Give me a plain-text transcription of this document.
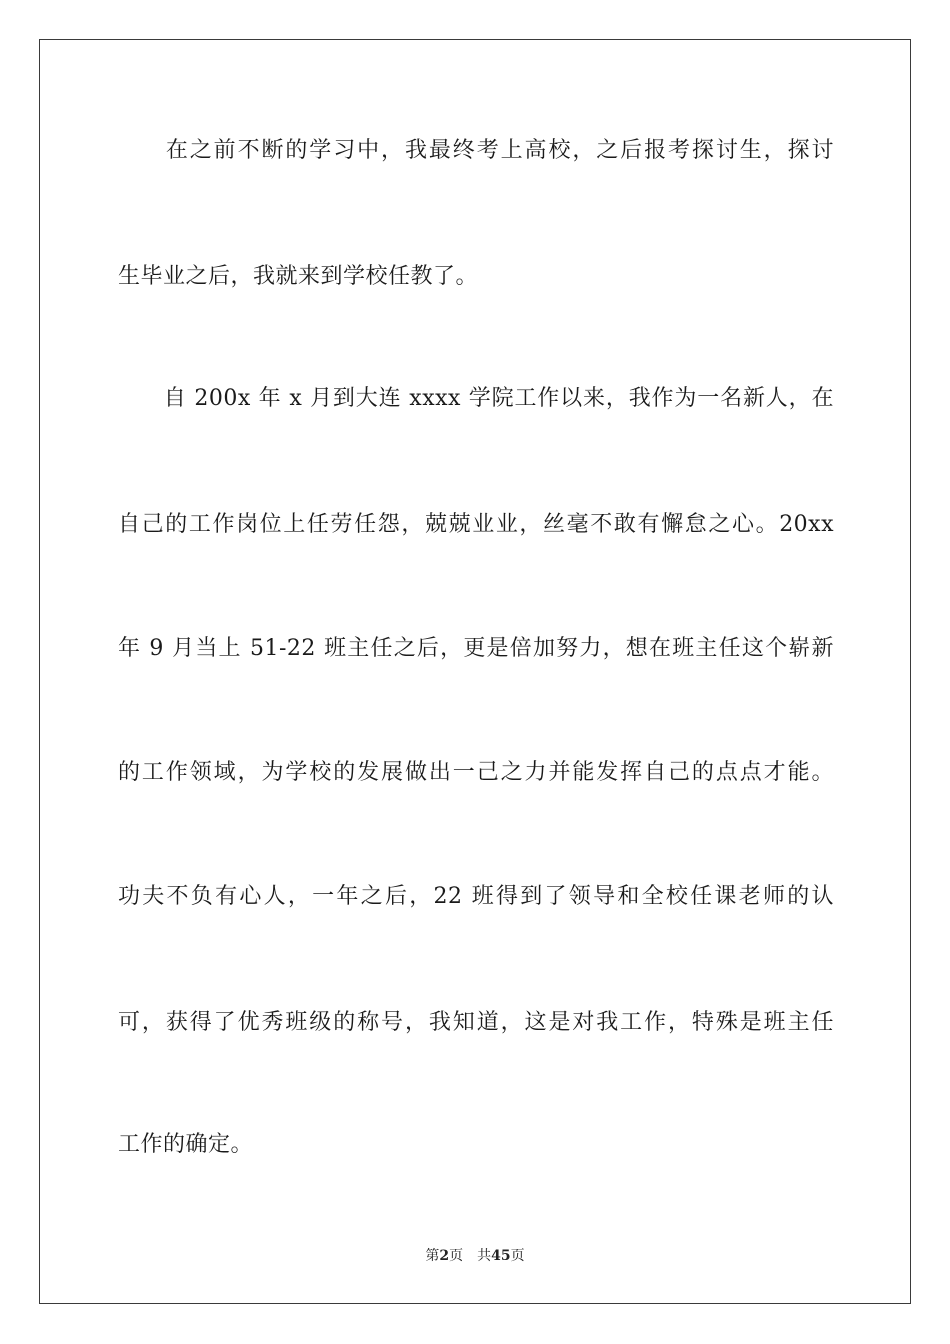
　　在之前不断的学习中，我最终考上高校，之后报考探讨生，探讨
生毕业之后，我就来到学校任教了。
　　自 200x 年 x 月到大连 xxxx 学院工作以来，我作为一名新人，在
自己的工作岗位上任劳任怨，兢兢业业，丝毫不敢有懈怠之心。20xx
年 9 月当上 51-22 班主任之后，更是倍加努力，想在班主任这个崭新
的工作领域，为学校的发展做出一己之力并能发挥自己的点点才能。
功夫不负有心人，一年之后，22 班得到了领导和全校任课老师的认
可，获得了优秀班级的称号，我知道，这是对我工作，特殊是班主任
工作的确定。
第2页 共45页
